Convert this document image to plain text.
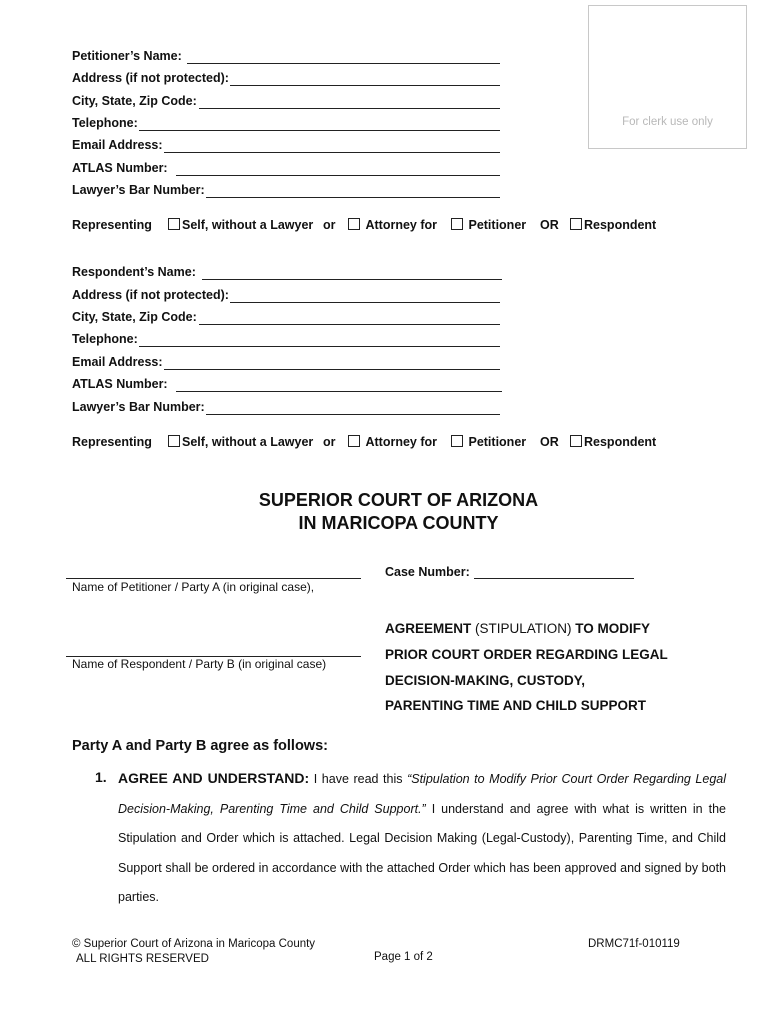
For clerk use only
Petitioner’s Name:
Address (if not protected):
City, State, Zip Code:
Telephone:
Email Address:
ATLAS Number:
Lawyer’s Bar Number:
Representing	Self, without a Lawyer or	Attorney for	Petitioner OR	Respondent
Respondent’s Name:
Address (if not protected):
City, State, Zip Code:
Telephone:
Email Address:
ATLAS Number:
Lawyer’s Bar Number:
Representing	Self, without a Lawyer or	Attorney for	Petitioner OR	Respondent
SUPERIOR COURT OF ARIZONA
IN MARICOPA COUNTY
Case Number:
Name of Petitioner / Party A (in original case),
Name of Respondent / Party B (in original case)
AGREEMENT (STIPULATION) TO MODIFY
PRIOR COURT ORDER REGARDING LEGAL
DECISION-MAKING, CUSTODY,
PARENTING TIME AND CHILD SUPPORT
Party A and Party B agree as follows:
1. AGREE AND UNDERSTAND: I have read this “Stipulation to Modify Prior Court Order Regarding Legal Decision-Making, Parenting Time and Child Support.” I understand and agree with what is written in the Stipulation and Order which is attached. Legal Decision Making (Legal-Custody), Parenting Time, and Child Support shall be ordered in accordance with the attached Order which has been approved and signed by both parties.
© Superior Court of Arizona in Maricopa County
ALL RIGHTS RESERVED	Page 1 of 2
DRMC71f-010119
